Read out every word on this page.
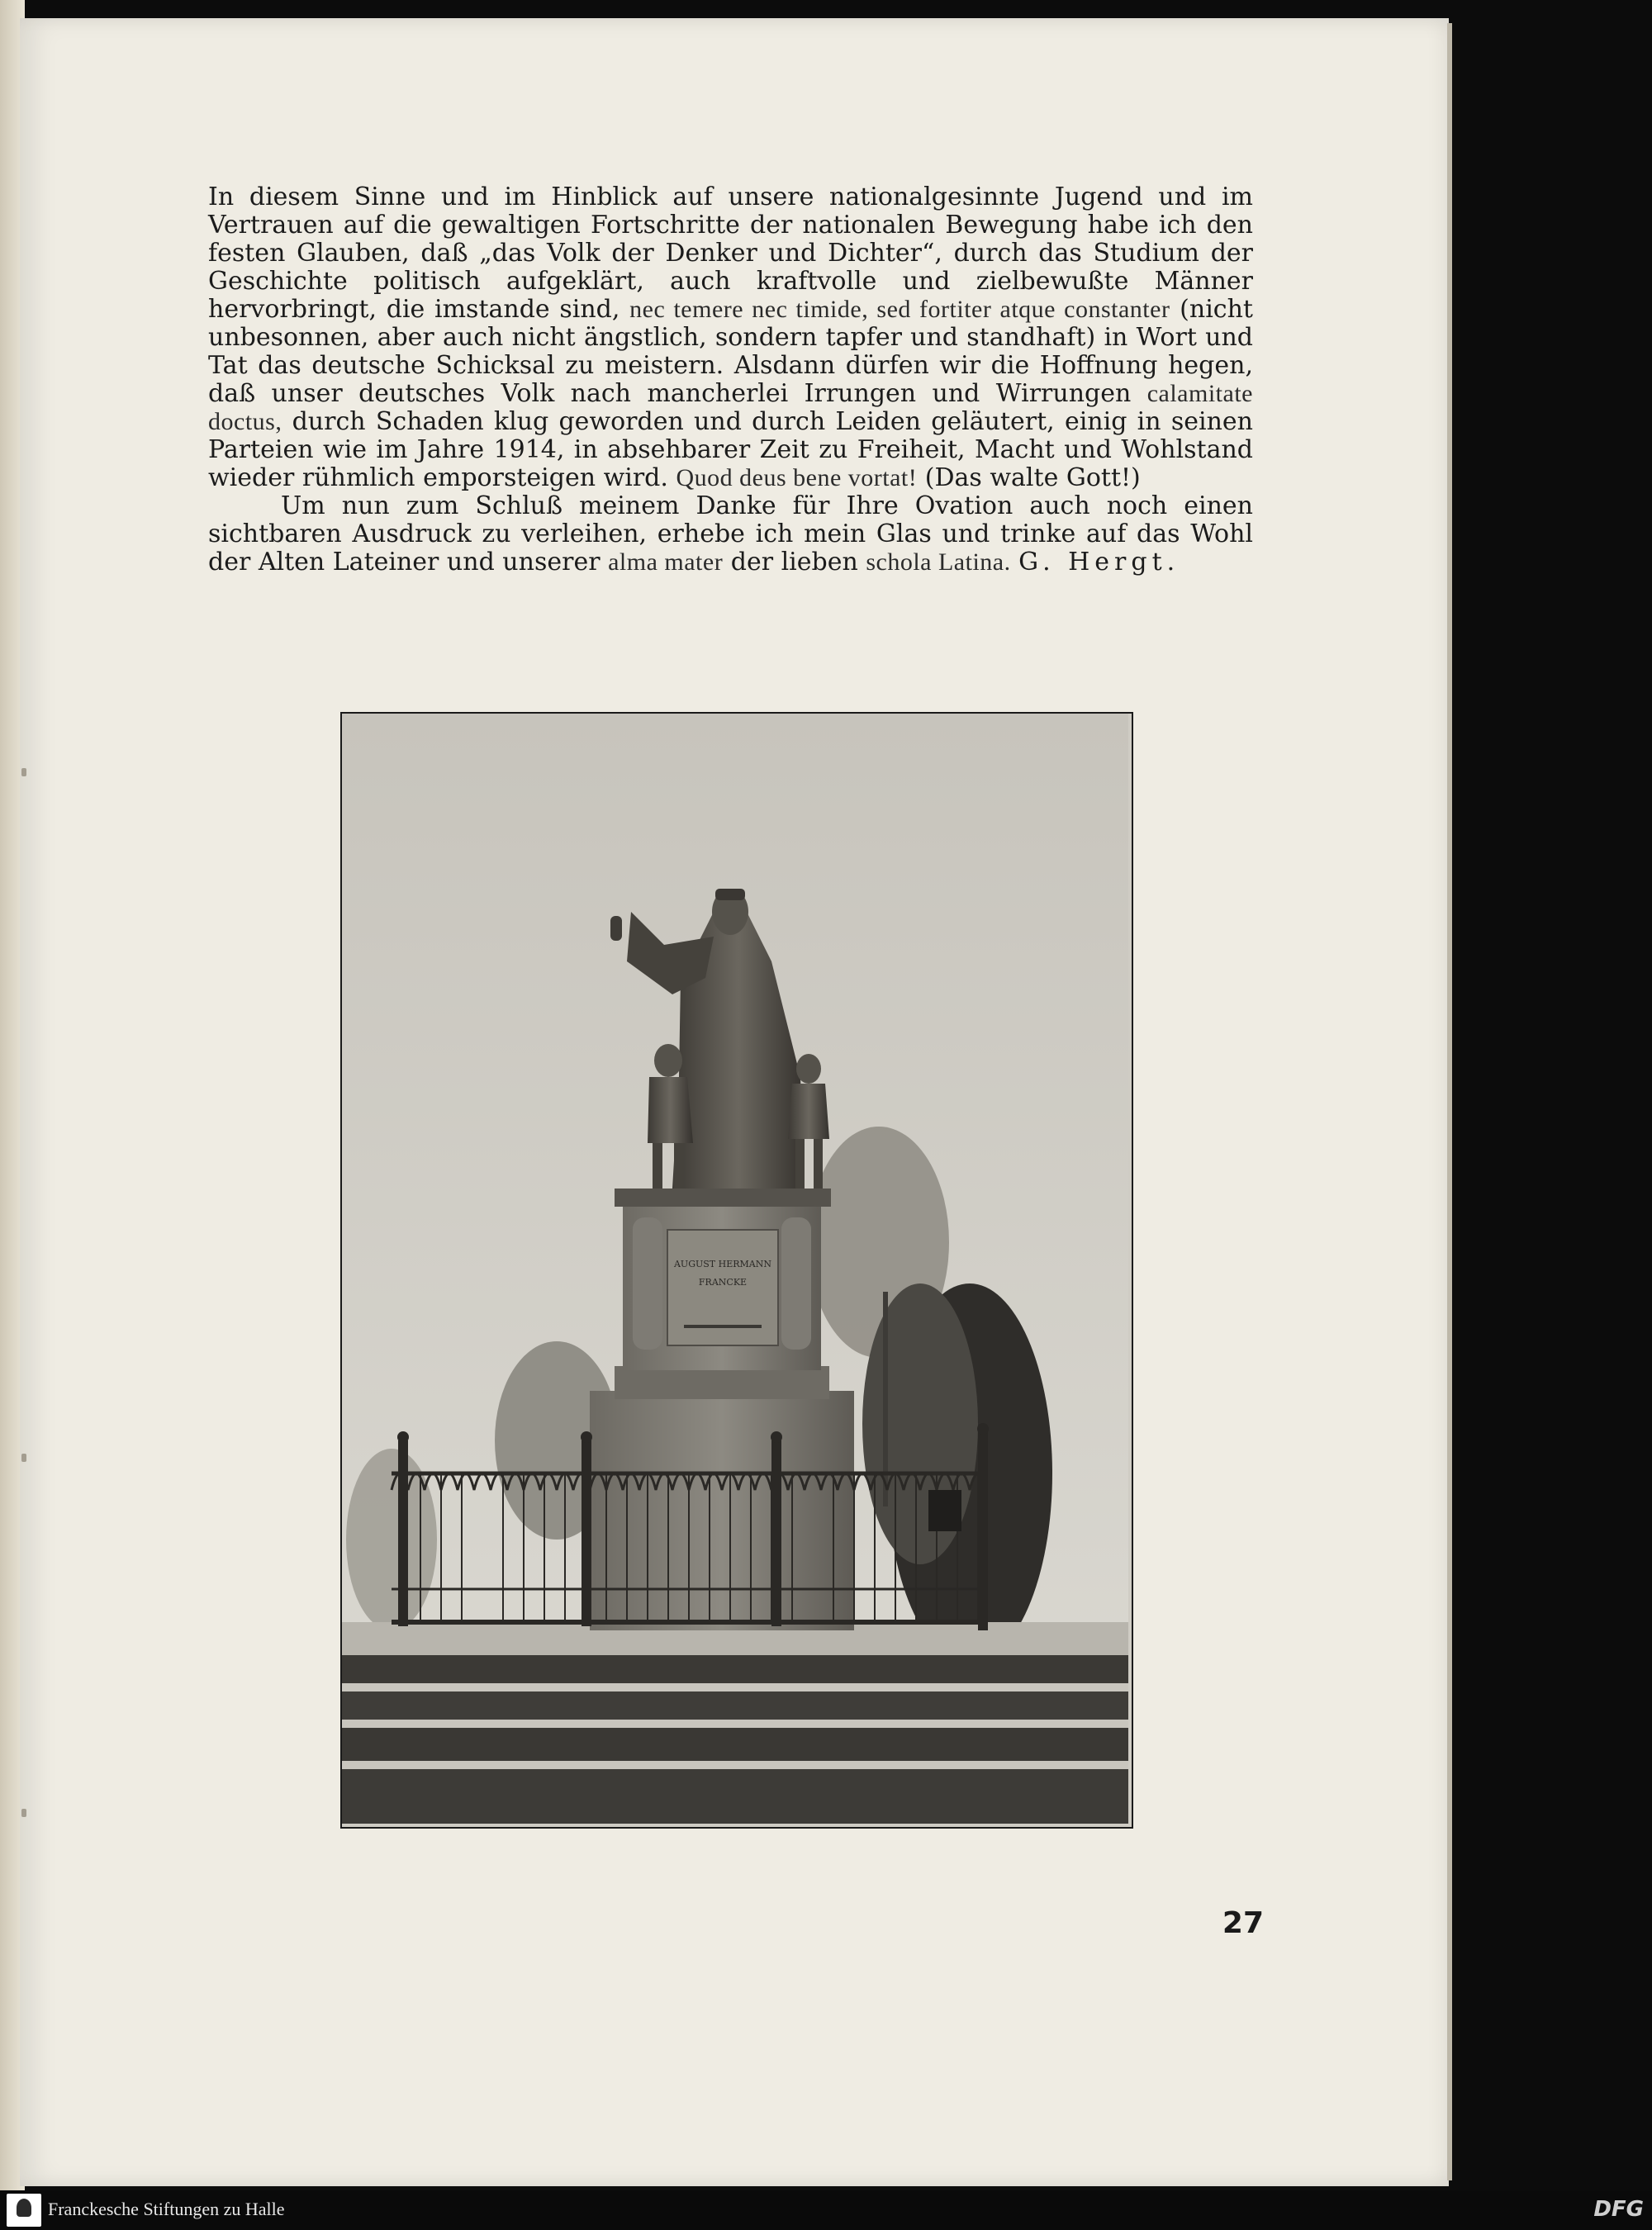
In diesem Sinne und im Hinblick auf unsere nationalgesinnte Jugend und im Vertrauen auf die gewaltigen Fortschritte der nationalen Bewegung habe ich den festen Glauben, daß „das Volk der Denker und Dichter“, durch das Studium der Geschichte politisch aufgeklärt, auch kraftvolle und zielbewußte Männer hervorbringt, die imstande sind, nec temere nec timide, sed fortiter atque constanter (nicht unbesonnen, aber auch nicht ängstlich, sondern tapfer und standhaft) in Wort und Tat das deutsche Schicksal zu meistern. Alsdann dürfen wir die Hoffnung hegen, daß unser deutsches Volk nach mancherlei Irrungen und Wirrungen calamitate doctus, durch Schaden klug geworden und durch Leiden geläutert, einig in seinen Parteien wie im Jahre 1914, in absehbarer Zeit zu Freiheit, Macht und Wohlstand wieder rühmlich emporsteigen wird. Quod deus bene vortat! (Das walte Gott!)

Um nun zum Schluß meinem Danke für Ihre Ovation auch noch einen sichtbaren Ausdruck zu verleihen, erhebe ich mein Glas und trinke auf das Wohl der Alten Lateiner und unserer alma mater der lieben schola Latina. G. Hergt.

AUGUST HERMANN
FRANCKE
27
Franckesche Stiftungen zu Halle	DFG
